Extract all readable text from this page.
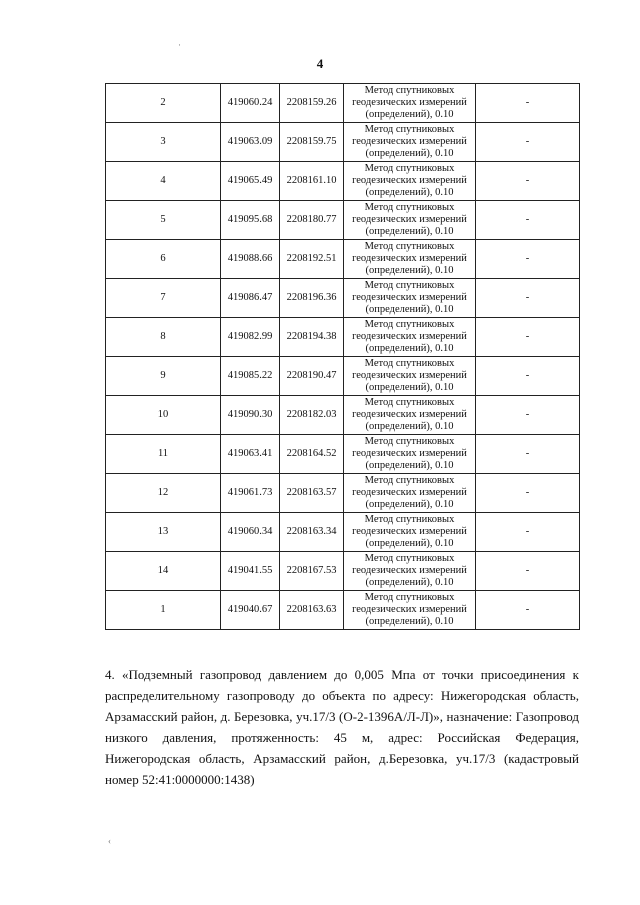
4
2	419060.24	2208159.26	Метод спутниковых
геодезических измерений
(определений), 0.10	-
3	419063.09	2208159.75	Метод спутниковых
геодезических измерений
(определений), 0.10	-
4	419065.49	2208161.10	Метод спутниковых
геодезических измерений
(определений), 0.10	-
5	419095.68	2208180.77	Метод спутниковых
геодезических измерений
(определений), 0.10	-
6	419088.66	2208192.51	Метод спутниковых
геодезических измерений
(определений), 0.10	-
7	419086.47	2208196.36	Метод спутниковых
геодезических измерений
(определений), 0.10	-
8	419082.99	2208194.38	Метод спутниковых
геодезических измерений
(определений), 0.10	-
9	419085.22	2208190.47	Метод спутниковых
геодезических измерений
(определений), 0.10	-
10	419090.30	2208182.03	Метод спутниковых
геодезических измерений
(определений), 0.10	-
11	419063.41	2208164.52	Метод спутниковых
геодезических измерений
(определений), 0.10	-
12	419061.73	2208163.57	Метод спутниковых
геодезических измерений
(определений), 0.10	-
13	419060.34	2208163.34	Метод спутниковых
геодезических измерений
(определений), 0.10	-
14	419041.55	2208167.53	Метод спутниковых
геодезических измерений
(определений), 0.10	-
1	419040.67	2208163.63	Метод спутниковых
геодезических измерений
(определений), 0.10	-
4. «Подземный газопровод давлением до 0,005 Мпа от точки присоединения к распределительному газопроводу до объекта по адресу: Нижегородская область, Арзамасский район, д. Березовка, уч.17/3 (О-2-1396А/Л-Л)», назначение: Газопровод низкого давления, протяженность: 45 м, адрес: Российская Федерация, Нижегородская область, Арзамасский район, д.Березовка, уч.17/3 (кадастровый номер 52:41:0000000:1438)
·
‹
